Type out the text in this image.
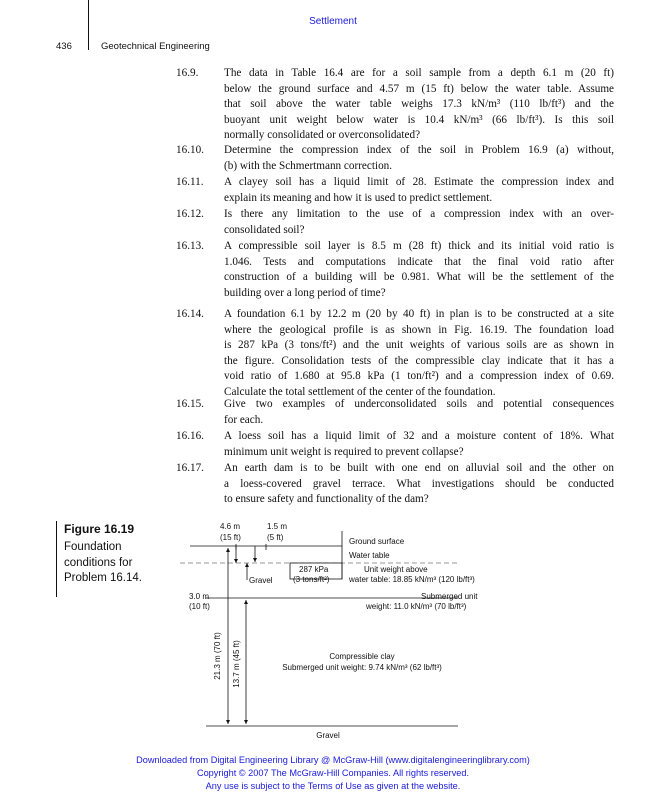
Settlement
436	Geotechnical Engineering
16.9.	The data in Table 16.4 are for a soil sample from a depth 6.1 m (20 ft)
below the ground surface and 4.57 m (15 ft) below the water table. Assume
that soil above the water table weighs 17.3 kN/m³ (110 lb/ft³) and the
buoyant unit weight below water is 10.4 kN/m³ (66 lb/ft³). Is this soil
normally consolidated or overconsolidated?
16.10.	Determine the compression index of the soil in Problem 16.9 (a) without,
(b) with the Schmertmann correction.
16.11.	A clayey soil has a liquid limit of 28. Estimate the compression index and
explain its meaning and how it is used to predict settlement.
16.12.	Is there any limitation to the use of a compression index with an over-
consolidated soil?
16.13.	A compressible soil layer is 8.5 m (28 ft) thick and its initial void ratio is
1.046. Tests and computations indicate that the final void ratio after
construction of a building will be 0.981. What will be the settlement of the
building over a long period of time?
16.14.	A foundation 6.1 by 12.2 m (20 by 40 ft) in plan is to be constructed at a site
where the geological profile is as shown in Fig. 16.19. The foundation load
is 287 kPa (3 tons/ft²) and the unit weights of various soils are as shown in
the figure. Consolidation tests of the compressible clay indicate that it has a
void ratio of 1.680 at 95.8 kPa (1 ton/ft²) and a compression index of 0.69.
Calculate the total settlement of the center of the foundation.
16.15.	Give two examples of underconsolidated soils and potential consequences
for each.
16.16.	A loess soil has a liquid limit of 32 and a moisture content of 18%. What
minimum unit weight is required to prevent collapse?
16.17.	An earth dam is to be built with one end on alluvial soil and the other on
a loess-covered gravel terrace. What investigations should be conducted
to ensure safety and functionality of the dam?
Figure 16.19
Foundation conditions for Problem 16.14.
4.6 m
(15 ft)
1.5 m
(5 ft)	Ground surface
Water table
287 kPa
(3 tons/ft²)
Gravel
Unit weight above
water table: 18.85 kN/m³ (120 lb/ft³)
3.0 m
(10 ft)
Submerged unit
weight: 11.0 kN/m³ (70 lb/ft³)
21.3 m (70 ft) 13.7 m (45 ft)	Compressible clay
Submerged unit weight: 9.74 kN/m³ (62 lb/ft³)
Gravel
Downloaded from Digital Engineering Library @ McGraw-Hill (www.digitalengineeringlibrary.com)
Copyright © 2007 The McGraw-Hill Companies. All rights reserved.
Any use is subject to the Terms of Use as given at the website.
